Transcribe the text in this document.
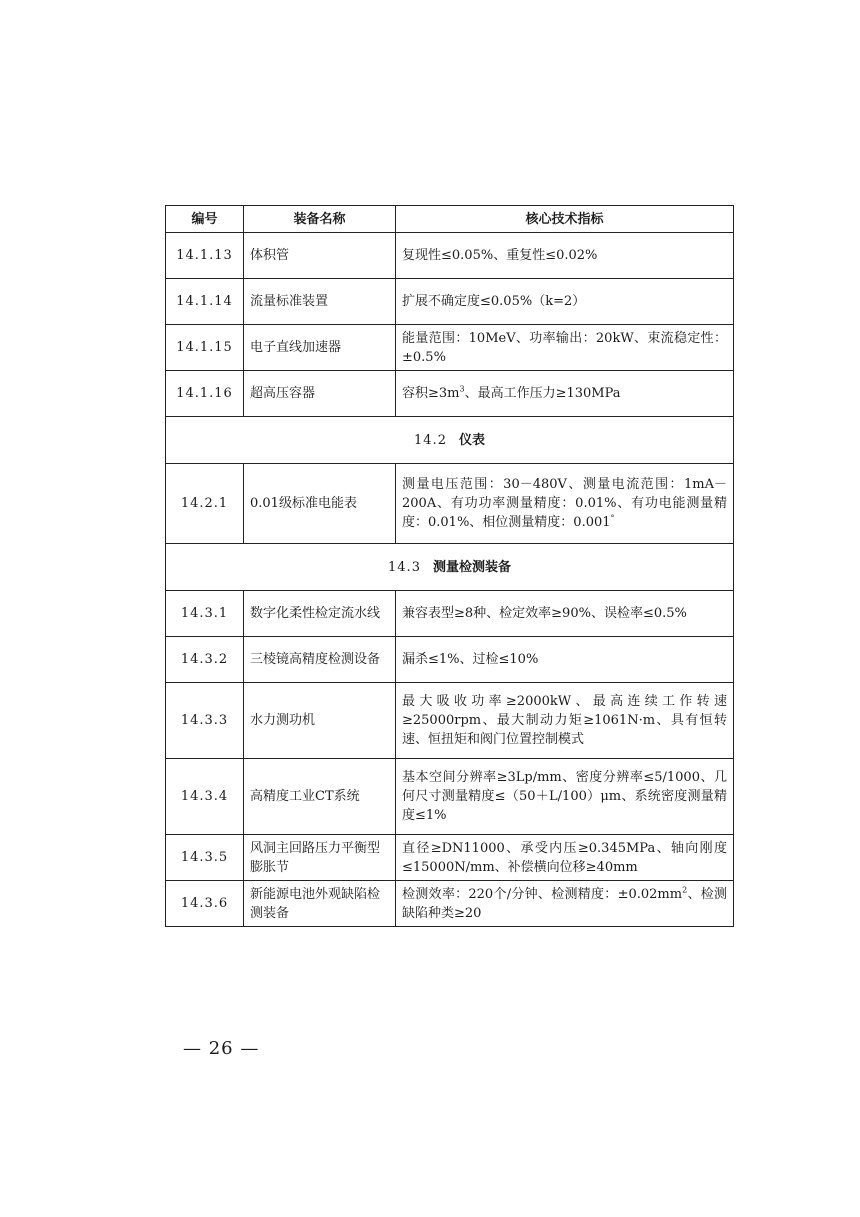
编号	装备名称	核心技术指标
14.1.13	体积管	复现性≤0.05%、重复性≤0.02%
14.1.14	流量标准装置	扩展不确定度≤0.05%（k=2）
14.1.15	电子直线加速器	能量范围：10MeV、功率输出：20kW、束流稳定性：±0.5%
14.1.16	超高压容器	容积$\ge 3m^3$、最高工作压力≥130MPa
14.2 仪表		
14.2.1	0.01级标准电能表	测量电压范围：30－480V、测量电流范围：1mA－200A、有功功率测量精度：0.01%、有功电能测量精度：0.01%、相位测量精度：0.001°
14.3 测量检测装备		
14.3.1	数字化柔性检定流水线	兼容表型≥8种、检定效率≥90%、误检率≤0.5%
14.3.2	三棱镜高精度检测设备	漏杀≤1%、过检≤10%
14.3.3	水力测功机	最大吸收功率≥2000kW、最高连续工作转速≥25000rpm、最大制动力矩≥1061N·m、具有恒转速、恒扭矩和阀门位置控制模式
14.3.4	高精度工业CT系统	基本空间分辨率≥3Lp/mm、密度分辨率≤5/1000、几何尺寸测量精度≤（50＋L/100）μm、系统密度测量精度≤1%
14.3.5	风洞主回路压力平衡型膨胀节	直径≥DN11000、承受内压≥0.345MPa、轴向刚度≤15000N/mm、补偿横向位移≥40mm
14.3.6	新能源电池外观缺陷检测装备	检测效率：220个/分钟、检测精度：$\pm 0.02mm^2$、检测缺陷种类≥20
— 26 —
